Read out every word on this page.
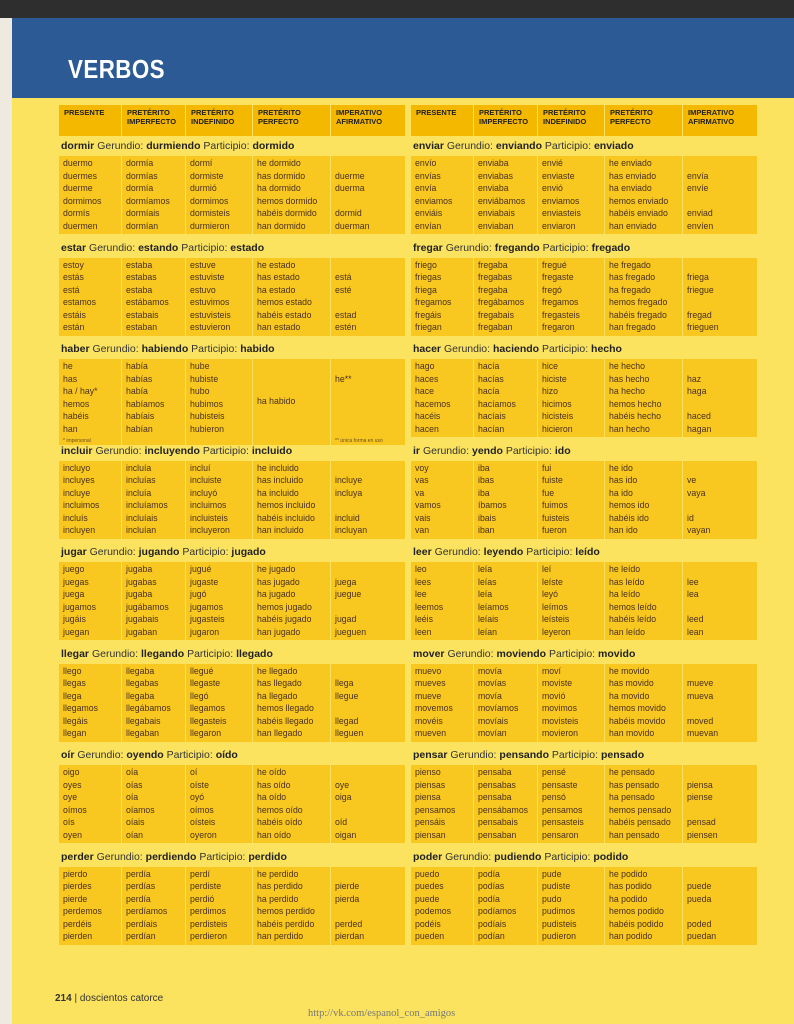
VERBOS
PRESENTE	PRETÉRITO IMPERFECTO
PRETÉRITO INDEFINIDO
PRETÉRITO PERFECTO
IMPERATIVO AFIRMATIVO
dormir Gerundio: durmiendo Participio: dormido
duermo
duermes
duerme
dormimos
dormís
duermen
dormía
dormías
dormía
dormíamos
dormíais
dormían
dormí
dormiste
durmió
dormimos
dormisteis
durmieron
he dormido
has dormido
ha dormido
hemos dormido
habéis dormido
han dormido
duerme
duerma
dormid
duerman
estar Gerundio: estando Participio: estado
estoy
estás
está
estamos
estáis
están
estaba
estabas
estaba
estábamos
estabais
estaban
estuve
estuviste
estuvo
estuvimos
estuvisteis
estuvieron
he estado
has estado
ha estado
hemos estado
habéis estado
han estado
está
esté
estad
estén
haber Gerundio: habiendo Participio: habido
he
has
ha / hay*
hemos
habéis
han
* impersonal
había
habías
había
habíamos
habíais
habían
hube
hubiste
hubo
hubimos
hubisteis
hubieron
ha habido
he**
** única forma en uso
incluir Gerundio: incluyendo Participio: incluido
incluyo
incluyes
incluye
incluimos
incluís
incluyen
incluía
incluías
incluía
incluíamos
incluíais
incluían
incluí
incluiste
incluyó
incluimos
incluisteis
incluyeron
he incluido
has incluido
ha incluido
hemos incluido
habéis incluido
han incluido
incluye
incluya
incluid
incluyan
jugar Gerundio: jugando Participio: jugado
juego
juegas
juega
jugamos
jugáis
juegan
jugaba
jugabas
jugaba
jugábamos
jugabais
jugaban
jugué
jugaste
jugó
jugamos
jugasteis
jugaron
he jugado
has jugado
ha jugado
hemos jugado
habéis jugado
han jugado
juega
juegue
jugad
jueguen
llegar Gerundio: llegando Participio: llegado
llego
llegas
llega
llegamos
llegáis
llegan
llegaba
llegabas
llegaba
llegábamos
llegabais
llegaban
llegué
llegaste
llegó
llegamos
llegasteis
llegaron
he llegado
has llegado
ha llegado
hemos llegado
habéis llegado
han llegado
llega
llegue
llegad
lleguen
oír Gerundio: oyendo Participio: oído
oigo
oyes
oye
oímos
oís
oyen
oía
oías
oía
oíamos
oíais
oían
oí
oíste
oyó
oímos
oísteis
oyeron
he oído
has oído
ha oído
hemos oído
habéis oído
han oído
oye
oiga
oíd
oigan
perder Gerundio: perdiendo Participio: perdido
pierdo
pierdes
pierde
perdemos
perdéis
pierden
perdía
perdías
perdía
perdíamos
perdíais
perdían
perdí
perdiste
perdió
perdimos
perdisteis
perdieron
he perdido
has perdido
ha perdido
hemos perdido
habéis perdido
han perdido
pierde
pierda
perded
pierdan
PRESENTE	PRETÉRITO IMPERFECTO
PRETÉRITO INDEFINIDO
PRETÉRITO PERFECTO
IMPERATIVO AFIRMATIVO
enviar Gerundio: enviando Participio: enviado
envío
envías
envía
enviamos
enviáis
envían
enviaba
enviabas
enviaba
enviábamos
enviabais
enviaban
envié
enviaste
envió
enviamos
enviasteis
enviaron
he enviado
has enviado
ha enviado
hemos enviado
habéis enviado
han enviado
envía
envíe
enviad
envíen
fregar Gerundio: fregando Participio: fregado
friego
friegas
friega
fregamos
fregáis
friegan
fregaba
fregabas
fregaba
fregábamos
fregabais
fregaban
fregué
fregaste
fregó
fregamos
fregasteis
fregaron
he fregado
has fregado
ha fregado
hemos fregado
habéis fregado
han fregado
friega
friegue
fregad
frieguen
hacer Gerundio: haciendo Participio: hecho
hago
haces
hace
hacemos
hacéis
hacen
hacía
hacías
hacía
hacíamos
hacíais
hacían
hice
hiciste
hizo
hicimos
hicisteis
hicieron
he hecho
has hecho
ha hecho
hemos hecho
habéis hecho
han hecho
haz
haga
haced
hagan
ir Gerundio: yendo Participio: ido
voy
vas
va
vamos
vais
van
iba
ibas
iba
íbamos
ibais
iban
fui
fuiste
fue
fuimos
fuisteis
fueron
he ido
has ido
ha ido
hemos ido
habéis ido
han ido
ve
vaya
id
vayan
leer Gerundio: leyendo Participio: leído
leo
lees
lee
leemos
leéis
leen
leía
leías
leía
leíamos
leíais
leían
leí
leíste
leyó
leímos
leísteis
leyeron
he leído
has leído
ha leído
hemos leído
habéis leído
han leído
lee
lea
leed
lean
mover Gerundio: moviendo Participio: movido
muevo
mueves
mueve
movemos
movéis
mueven
movía
movías
movía
movíamos
movíais
movían
moví
moviste
movió
movimos
movisteis
movieron
he movido
has movido
ha movido
hemos movido
habéis movido
han movido
mueve
mueva
moved
muevan
pensar Gerundio: pensando Participio: pensado
pienso
piensas
piensa
pensamos
pensáis
piensan
pensaba
pensabas
pensaba
pensábamos
pensabais
pensaban
pensé
pensaste
pensó
pensamos
pensasteis
pensaron
he pensado
has pensado
ha pensado
hemos pensado
habéis pensado
han pensado
piensa
piense
pensad
piensen
poder Gerundio: pudiendo Participio: podido
puedo
puedes
puede
podemos
podéis
pueden
podía
podías
podía
podíamos
podíais
podían
pude
pudiste
pudo
pudimos
pudisteis
pudieron
he podido
has podido
ha podido
hemos podido
habéis podido
han podido
puede
pueda
poded
puedan
214 | doscientos catorce
http://vk.com/espanol_con_amigos
